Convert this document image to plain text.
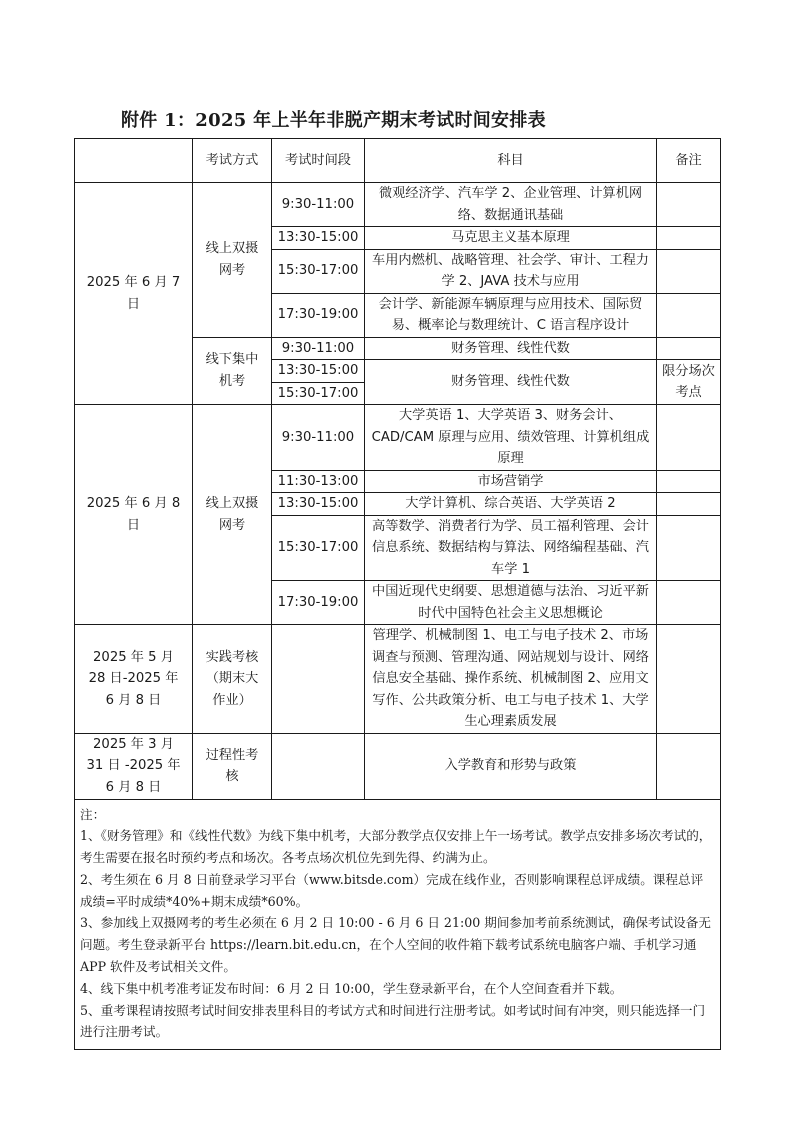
附件 1：2025 年上半年非脱产期末考试时间安排表
	考试方式	考试时间段	科目	备注
2025 年 6 月 7 日	线上双摄网考	9:30-11:00	微观经济学、汽车学 2、企业管理、计算机网络、数据通讯基础	
		13:30-15:00	马克思主义基本原理	
		15:30-17:00	车用内燃机、战略管理、社会学、审计、工程力学 2、JAVA 技术与应用	
		17:30-19:00	会计学、新能源车辆原理与应用技术、国际贸易、概率论与数理统计、C 语言程序设计	
	线下集中机考	9:30-11:00	财务管理、线性代数	
		13:30-15:00	财务管理、线性代数	限分场次考点
		15:30-17:00		
2025 年 6 月 8 日	线上双摄网考	9:30-11:00	大学英语 1、大学英语 3、财务会计、CAD/CAM 原理与应用、绩效管理、计算机组成原理	
		11:30-13:00	市场营销学	
		13:30-15:00	大学计算机、综合英语、大学英语 2	
		15:30-17:00	高等数学、消费者行为学、员工福利管理、会计信息系统、数据结构与算法、网络编程基础、汽车学 1	
		17:30-19:00	中国近现代史纲要、思想道德与法治、习近平新时代中国特色社会主义思想概论	
2025 年 5 月 28 日-2025 年 6 月 8 日	实践考核（期末大作业）		管理学、机械制图 1、电工与电子技术 2、市场调查与预测、管理沟通、网站规划与设计、网络信息安全基础、操作系统、机械制图 2、应用文写作、公共政策分析、电工与电子技术 1、大学生心理素质发展	
2025 年 3 月 31 日 -2025 年 6 月 8 日	过程性考核		入学教育和形势与政策	

注：
1、《财务管理》和《线性代数》为线下集中机考，大部分教学点仅安排上午一场考试。教学点安排多场次考试的，考生需要在报名时预约考点和场次。各考点场次机位先到先得、约满为止。
2、考生须在 6 月 8 日前登录学习平台（www.bitsde.com）完成在线作业，否则影响课程总评成绩。课程总评成绩=平时成绩*40%+期末成绩*60%。
3、参加线上双摄网考的考生必须在 6 月 2 日 10:00 - 6 月 6 日 21:00 期间参加考前系统测试，确保考试设备无问题。考生登录新平台 https://learn.bit.edu.cn，在个人空间的收件箱下载考试系统电脑客户端、手机学习通 APP 软件及考试相关文件。
4、线下集中机考准考证发布时间：6 月 2 日 10:00，学生登录新平台，在个人空间查看并下载。
5、重考课程请按照考试时间安排表里科目的考试方式和时间进行注册考试。如考试时间有冲突，则只能选择一门进行注册考试。
